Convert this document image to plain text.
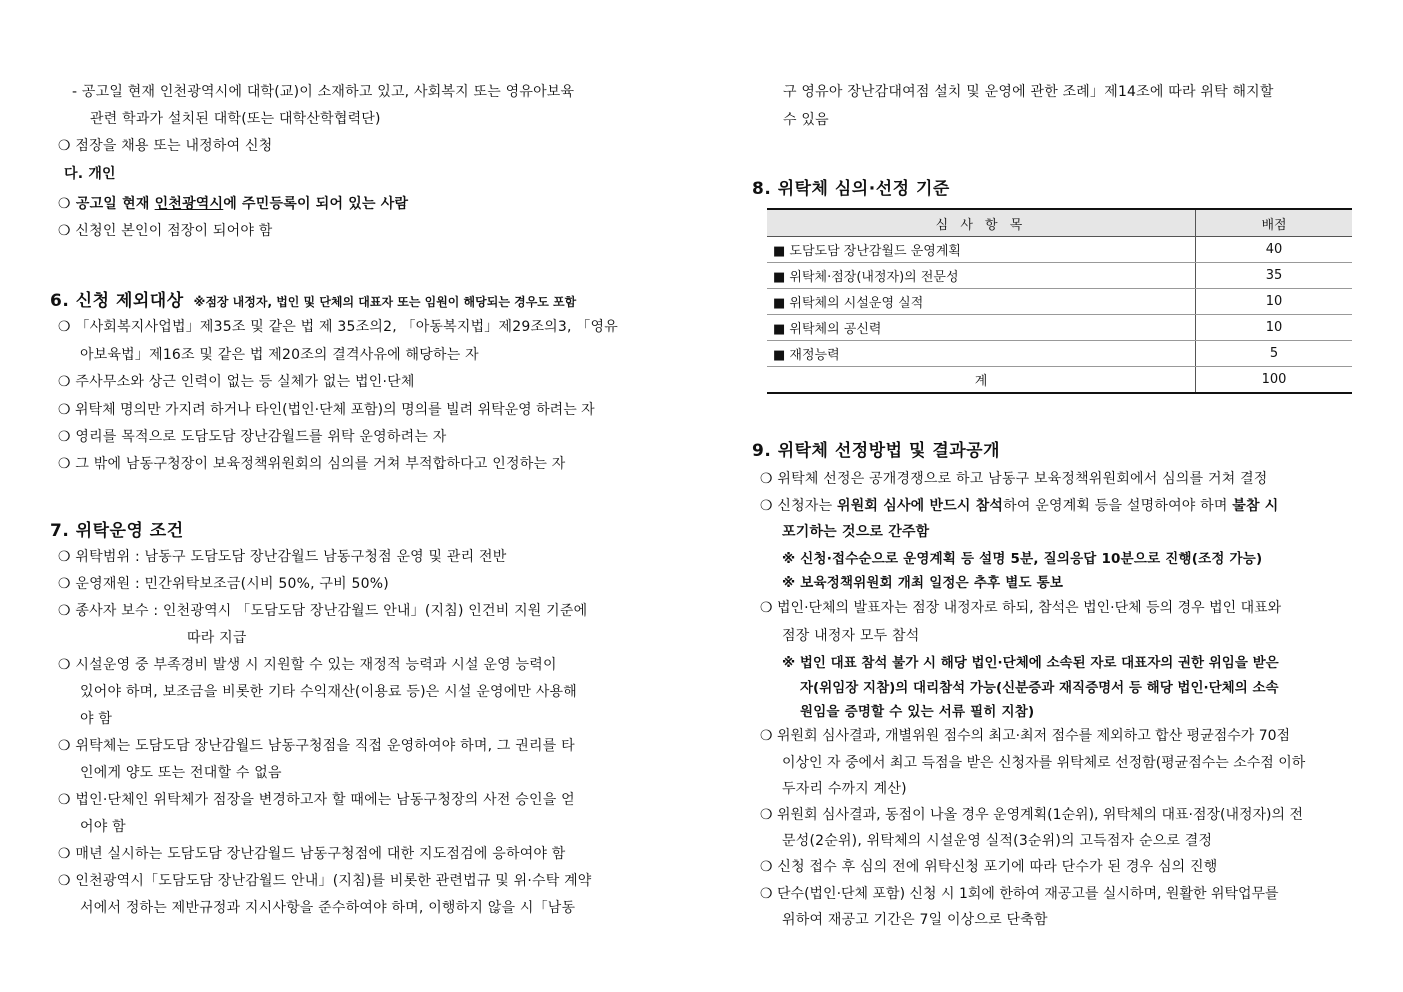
- 공고일 현재 인천광역시에 대학(교)이 소재하고 있고, 사회복지 또는 영유아보육
관련 학과가 설치된 대학(또는 대학산학협력단)
❍ 점장을 채용 또는 내정하여 신청
다. 개인
❍ 공고일 현재 인천광역시에 주민등록이 되어 있는 사람
❍ 신청인 본인이 점장이 되어야 함
6. 신청 제외대상 ※점장 내정자, 법인 및 단체의 대표자 또는 임원이 해당되는 경우도 포함
❍ 「사회복지사업법」제35조 및 같은 법 제 35조의2, 「아동복지법」제29조의3, 「영유
아보육법」제16조 및 같은 법 제20조의 결격사유에 해당하는 자
❍ 주사무소와 상근 인력이 없는 등 실체가 없는 법인·단체
❍ 위탁체 명의만 가지려 하거나 타인(법인·단체 포함)의 명의를 빌려 위탁운영 하려는 자
❍ 영리를 목적으로 도담도담 장난감월드를 위탁 운영하려는 자
❍ 그 밖에 남동구청장이 보육정책위원회의 심의를 거쳐 부적합하다고 인정하는 자
7. 위탁운영 조건
❍ 위탁범위 : 남동구 도담도담 장난감월드 남동구청점 운영 및 관리 전반
❍ 운영재원 : 민간위탁보조금(시비 50%, 구비 50%)
❍ 종사자 보수 : 인천광역시 「도담도담 장난감월드 안내」(지침) 인건비 지원 기준에
따라 지급
❍ 시설운영 중 부족경비 발생 시 지원할 수 있는 재정적 능력과 시설 운영 능력이
있어야 하며, 보조금을 비롯한 기타 수익재산(이용료 등)은 시설 운영에만 사용해
야 함
❍ 위탁체는 도담도담 장난감월드 남동구청점을 직접 운영하여야 하며, 그 권리를 타
인에게 양도 또는 전대할 수 없음
❍ 법인·단체인 위탁체가 점장을 변경하고자 할 때에는 남동구청장의 사전 승인을 얻
어야 함
❍ 매년 실시하는 도담도담 장난감월드 남동구청점에 대한 지도점검에 응하여야 함
❍ 인천광역시「도담도담 장난감월드 안내」(지침)를 비롯한 관련법규 및 위·수탁 계약
서에서 정하는 제반규정과 지시사항을 준수하여야 하며, 이행하지 않을 시「남동
구 영유아 장난감대여점 설치 및 운영에 관한 조례」제14조에 따라 위탁 해지할
수 있음
8. 위탁체 심의·선정 기준
심 사 항 목	배점
■ 도담도담 장난감월드 운영계획	40
■ 위탁체·점장(내정자)의 전문성	35
■ 위탁체의 시설운영 실적	10
■ 위탁체의 공신력	10
■ 재정능력	5
계	100
9. 위탁체 선정방법 및 결과공개
❍ 위탁체 선정은 공개경쟁으로 하고 남동구 보육정책위원회에서 심의를 거쳐 결정
❍ 신청자는 위원회 심사에 반드시 참석하여 운영계획 등을 설명하여야 하며 불참 시
포기하는 것으로 간주함
※ 신청·접수순으로 운영계획 등 설명 5분, 질의응답 10분으로 진행(조정 가능)
※ 보육정책위원회 개최 일정은 추후 별도 통보
❍ 법인·단체의 발표자는 점장 내정자로 하되, 참석은 법인·단체 등의 경우 법인 대표와
점장 내정자 모두 참석
※ 법인 대표 참석 불가 시 해당 법인·단체에 소속된 자로 대표자의 권한 위임을 받은
자(위임장 지참)의 대리참석 가능(신분증과 재직증명서 등 해당 법인·단체의 소속
원임을 증명할 수 있는 서류 필히 지참)
❍ 위원회 심사결과, 개별위원 점수의 최고·최저 점수를 제외하고 합산 평균점수가 70점
이상인 자 중에서 최고 득점을 받은 신청자를 위탁체로 선정함(평균점수는 소수점 이하
두자리 수까지 계산)
❍ 위원회 심사결과, 동점이 나올 경우 운영계획(1순위), 위탁체의 대표·점장(내정자)의 전
문성(2순위), 위탁체의 시설운영 실적(3순위)의 고득점자 순으로 결정
❍ 신청 접수 후 심의 전에 위탁신청 포기에 따라 단수가 된 경우 심의 진행
❍ 단수(법인·단체 포함) 신청 시 1회에 한하여 재공고를 실시하며, 원활한 위탁업무를
위하여 재공고 기간은 7일 이상으로 단축함
